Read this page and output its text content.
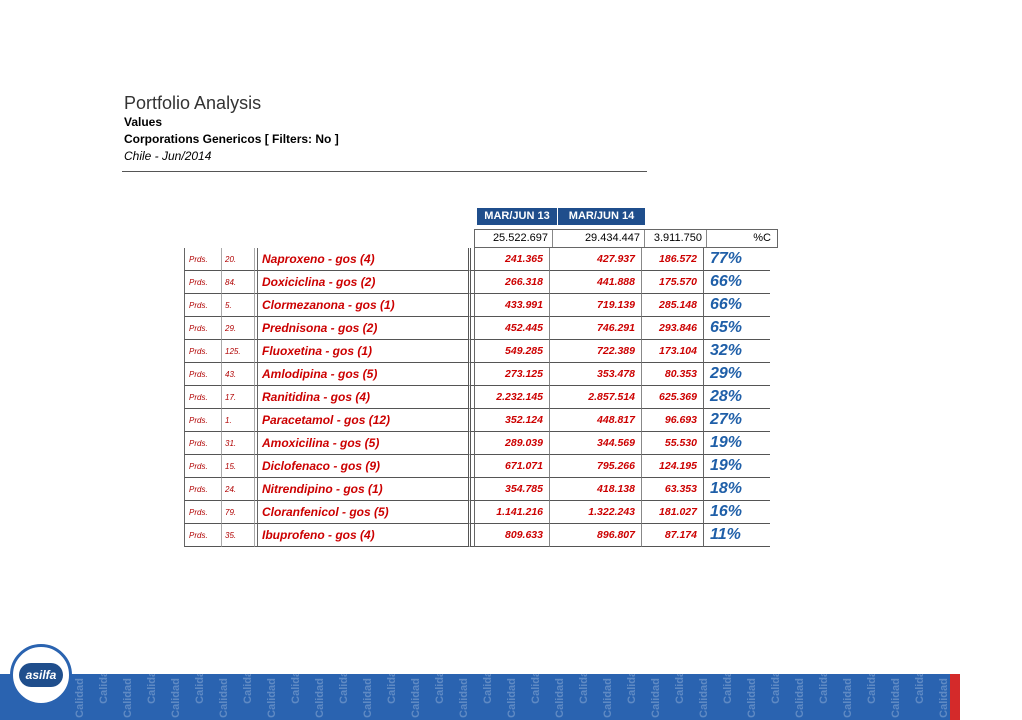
Portfolio Analysis
Values
Corporations Genericos [ Filters: No ]
Chile - Jun/2014
MAR/JUN 13	MAR/JUN 14
25.522.697	29.434.447	3.911.750	%C
Prds.	20.		Naproxeno - gos (4)		241.365	427.937	186.572	77%
Prds.	84.		Doxiciclina - gos (2)		266.318	441.888	175.570	66%
Prds.	5.		Clormezanona - gos (1)		433.991	719.139	285.148	66%
Prds.	29.		Prednisona - gos (2)		452.445	746.291	293.846	65%
Prds.	125.		Fluoxetina - gos (1)		549.285	722.389	173.104	32%
Prds.	43.		Amlodipina - gos (5)		273.125	353.478	80.353	29%
Prds.	17.		Ranitidina - gos (4)		2.232.145	2.857.514	625.369	28%
Prds.	1.		Paracetamol - gos (12)		352.124	448.817	96.693	27%
Prds.	31.		Amoxicilina - gos (5)		289.039	344.569	55.530	19%
Prds.	15.		Diclofenaco - gos (9)		671.071	795.266	124.195	19%
Prds.	24.		Nitrendipino - gos (1)		354.785	418.138	63.353	18%
Prds.	79.		Cloranfenicol - gos (5)		1.141.216	1.322.243	181.027	16%
Prds.	35.		Ibuprofeno - gos (4)		809.633	896.807	87.174	11%
Calidad Calidad Calidad Calidad Calidad Calidad Calidad Calidad Calidad Calidad Calidad Calidad Calidad Calidad Calidad Calidad Calidad Calidad Calidad Calidad Calidad Calidad Calidad Calidad Calidad Calidad Calidad Calidad Calidad Calidad Calidad Calidad Calidad Calidad Calidad Calidad Calidad Calidad Calidad Calidad
asilfa
